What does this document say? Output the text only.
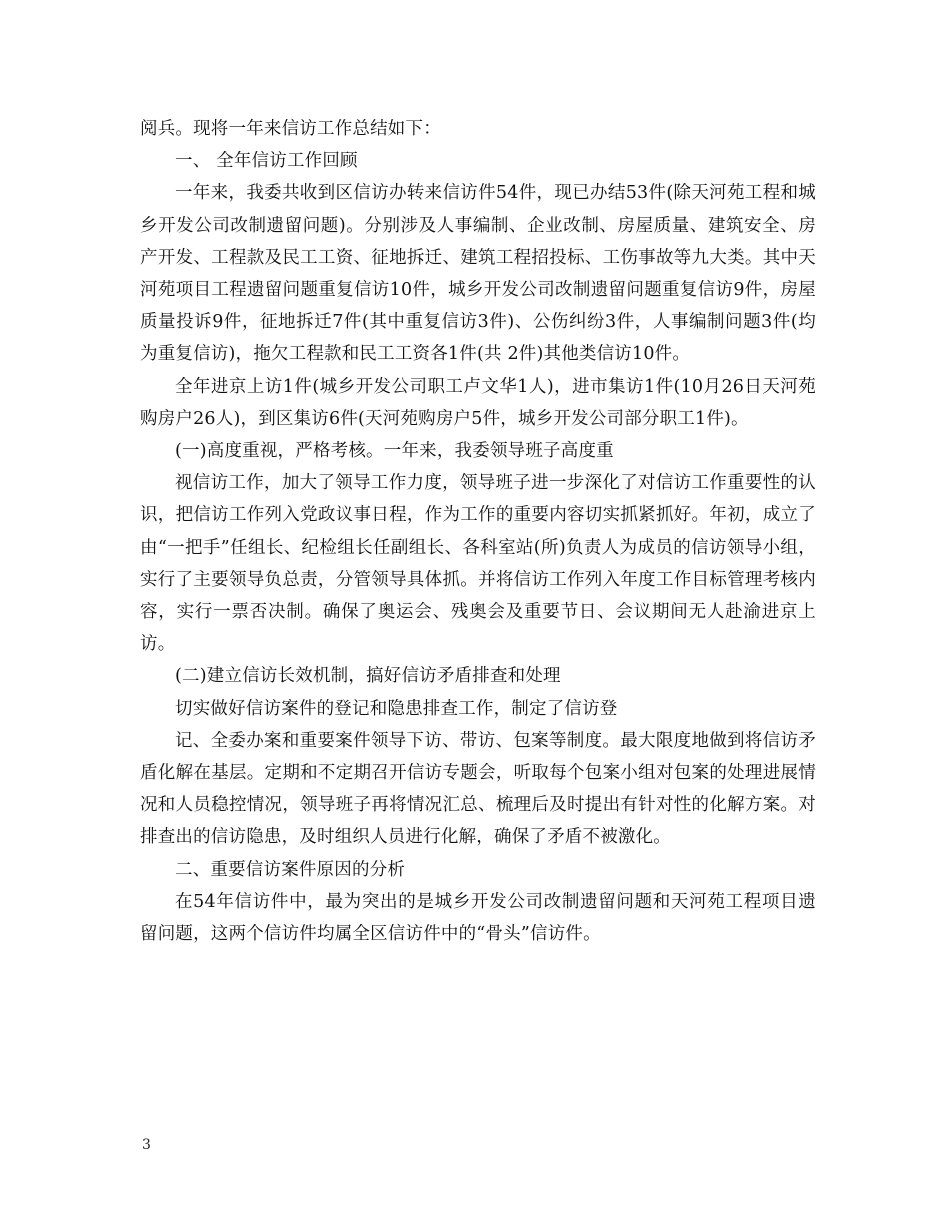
阅兵。现将一年来信访工作总结如下：

一、 全年信访工作回顾

一年来，我委共收到区信访办转来信访件54件，现已办结53件(除天河苑工程和城乡开发公司改制遗留问题)。分别涉及人事编制、企业改制、房屋质量、建筑安全、房产开发、工程款及民工工资、征地拆迁、建筑工程招投标、工伤事故等九大类。其中天河苑项目工程遗留问题重复信访10件，城乡开发公司改制遗留问题重复信访9件，房屋质量投诉9件，征地拆迁7件(其中重复信访3件)、公伤纠纷3件，人事编制问题3件(均为重复信访)，拖欠工程款和民工工资各1件(共 2件)其他类信访10件。

全年进京上访1件(城乡开发公司职工卢文华1人)，进市集访1件(10月26日天河苑购房户26人)，到区集访6件(天河苑购房户5件，城乡开发公司部分职工1件)。

(一)高度重视，严格考核。一年来，我委领导班子高度重

视信访工作，加大了领导工作力度，领导班子进一步深化了对信访工作重要性的认识，把信访工作列入党政议事日程，作为工作的重要内容切实抓紧抓好。年初，成立了由“一把手”任组长、纪检组长任副组长、各科室站(所)负责人为成员的信访领导小组，实行了主要领导负总责，分管领导具体抓。并将信访工作列入年度工作目标管理考核内容，实行一票否决制。确保了奥运会、残奥会及重要节日、会议期间无人赴渝进京上访。

(二)建立信访长效机制，搞好信访矛盾排查和处理

切实做好信访案件的登记和隐患排查工作，制定了信访登

记、全委办案和重要案件领导下访、带访、包案等制度。最大限度地做到将信访矛盾化解在基层。定期和不定期召开信访专题会，听取每个包案小组对包案的处理进展情况和人员稳控情况，领导班子再将情况汇总、梳理后及时提出有针对性的化解方案。对排查出的信访隐患，及时组织人员进行化解，确保了矛盾不被激化。

二、重要信访案件原因的分析

在54年信访件中，最为突出的是城乡开发公司改制遗留问题和天河苑工程项目遗留问题，这两个信访件均属全区信访件中的“骨头”信访件。

3
